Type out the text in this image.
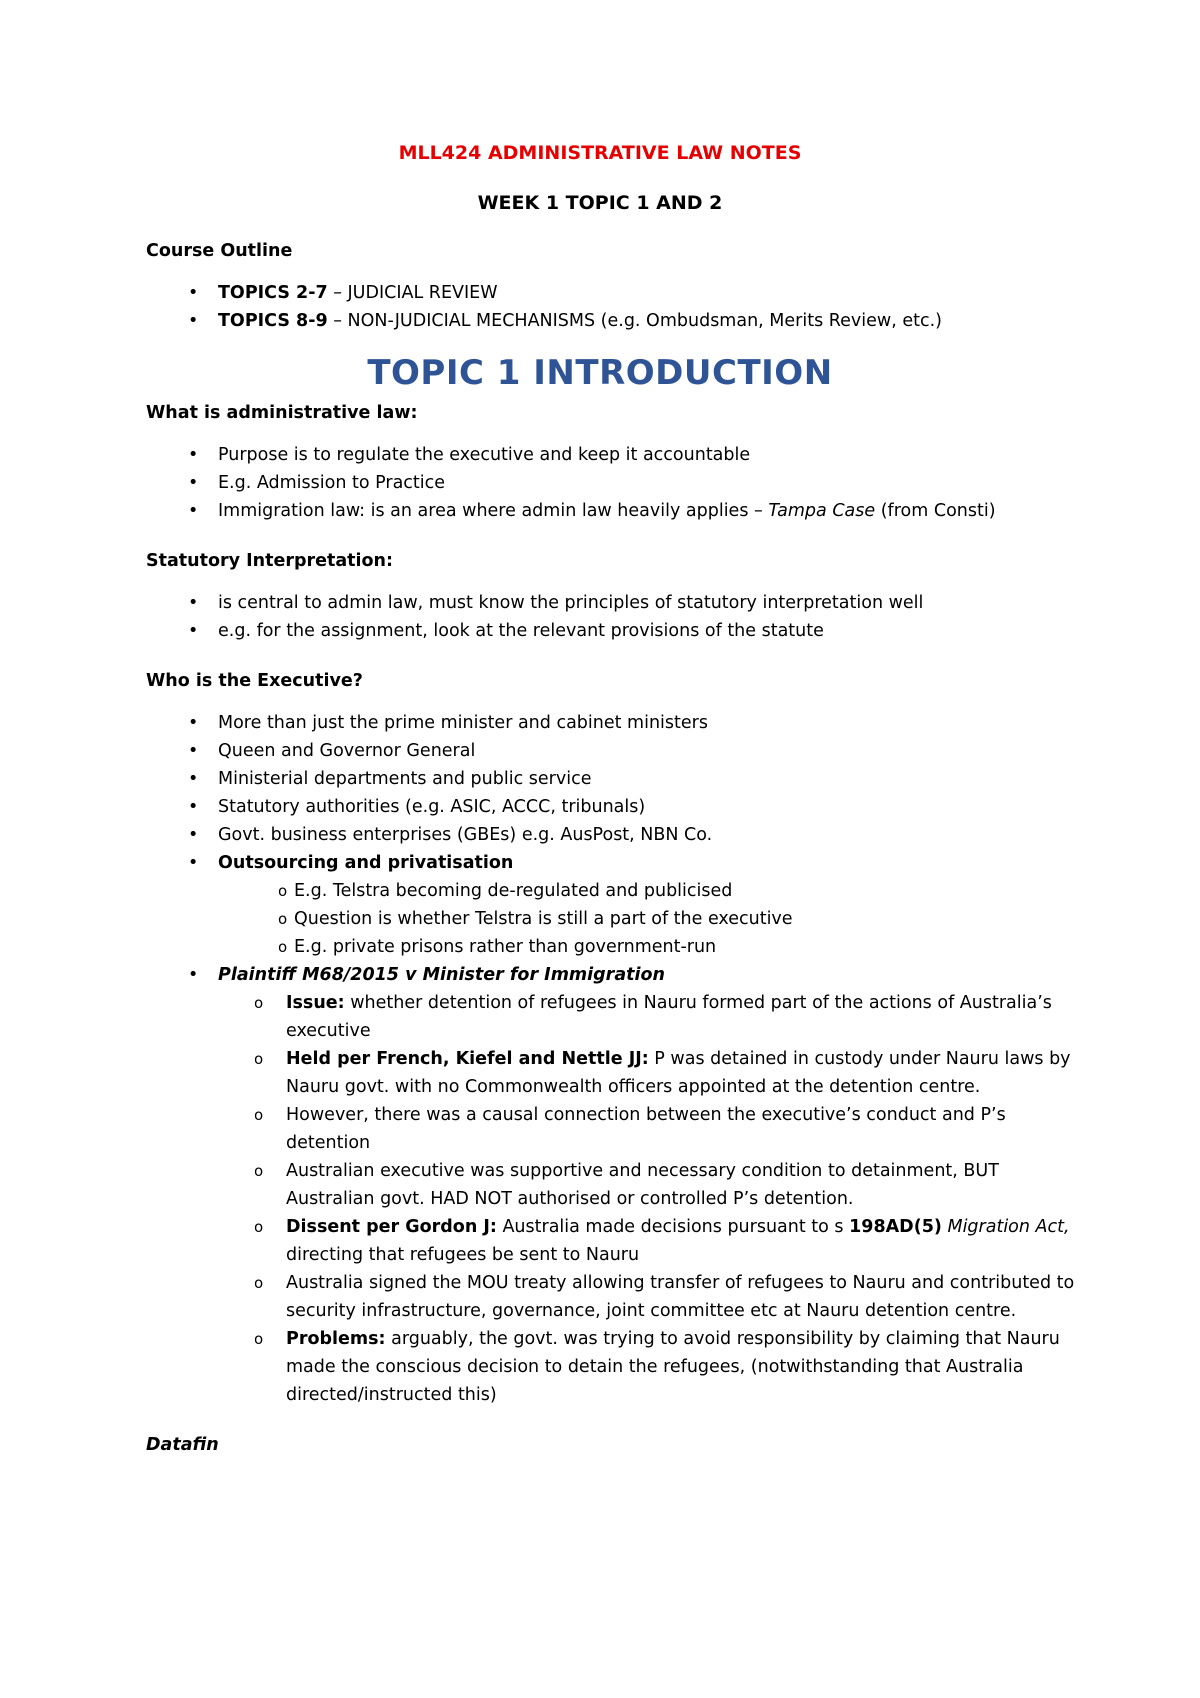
MLL424 ADMINISTRATIVE LAW NOTES
WEEK 1 TOPIC 1 AND 2

Course Outline

• TOPICS 2-7 – JUDICIAL REVIEW
• TOPICS 8-9 – NON-JUDICIAL MECHANISMS (e.g. Ombudsman, Merits Review, etc.)
TOPIC 1 INTRODUCTION

What is administrative law:

• Purpose is to regulate the executive and keep it accountable
• E.g. Admission to Practice
• Immigration law: is an area where admin law heavily applies – Tampa Case (from Consti)

Statutory Interpretation:

• is central to admin law, must know the principles of statutory interpretation well
• e.g. for the assignment, look at the relevant provisions of the statute

Who is the Executive?

• More than just the prime minister and cabinet ministers
• Queen and Governor General
• Ministerial departments and public service
• Statutory authorities (e.g. ASIC, ACCC, tribunals)
• Govt. business enterprises (GBEs) e.g. AusPost, NBN Co.
• Outsourcing and privatisation
o E.g. Telstra becoming de-regulated and publicised
o Question is whether Telstra is still a part of the executive
o E.g. private prisons rather than government-run
• Plaintiff M68/2015 v Minister for Immigration
o Issue: whether detention of refugees in Nauru formed part of the actions of Australia’s executive
o Held per French, Kiefel and Nettle JJ: P was detained in custody under Nauru laws by Nauru govt. with no Commonwealth officers appointed at the detention centre.
o However, there was a causal connection between the executive’s conduct and P’s detention
o Australian executive was supportive and necessary condition to detainment, BUT Australian govt. HAD NOT authorised or controlled P’s detention.
o Dissent per Gordon J: Australia made decisions pursuant to s 198AD(5) Migration Act, directing that refugees be sent to Nauru
o Australia signed the MOU treaty allowing transfer of refugees to Nauru and contributed to security infrastructure, governance, joint committee etc at Nauru detention centre.
o Problems: arguably, the govt. was trying to avoid responsibility by claiming that Nauru made the conscious decision to detain the refugees, (notwithstanding that Australia directed/instructed this)

Datafin
